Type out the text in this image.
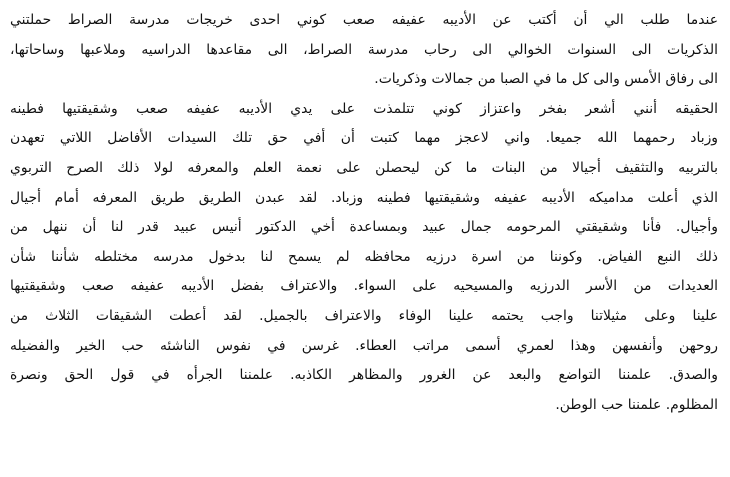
عندما طلب الي أن أكتب عن الأديبه عفيفه صعب كوني احدى خريجات مدرسة الصراط حملتني
الذكريات الى السنوات الخوالي الى رحاب مدرسة الصراط، الى مقاعدها الدراسيه وملاعبها وساحاتها،
الى رفاق الأمس والى كل ما في الصبا من جمالات وذكريات.
الحقيقه أنني أشعر بفخر واعتزاز كوني تتلمذت على يدي الأديبه عفيفه صعب وشقيقتيها فطينه
وزباد رحمهما الله جميعا. واني لاعجز مهما كتبت أن أفي حق تلك السيدات الأفاضل اللاتي تعهدن
بالتربيه والتثقيف أجيالا من البنات ما كن ليحصلن على نعمة العلم والمعرفه لولا ذلك الصرح التربوي
الذي أعلت مداميكه الأديبه عفيفه وشقيقتيها فطينه وزباد. لقد عبدن الطريق طريق المعرفه أمام أجيال
وأجيال. فأنا وشقيقتي المرحومه جمال عبيد وبمساعدة أخي الدكتور أنيس عبيد قدر لنا أن ننهل من
ذلك النبع الفياض. وكوننا من اسرة درزيه محافظه لم يسمح لنا بدخول مدرسه مختلطه شأننا شأن
العديدات من الأسر الدرزيه والمسيحيه على السواء. والاعتراف بفضل الأديبه عفيفه صعب وشقيقتيها
علينا وعلى مثيلاتنا واجب يحتمه علينا الوفاء والاعتراف بالجميل. لقد أعطت الشقيقات الثلاث من
روحهن وأنفسهن وهذا لعمري أسمى مراتب العطاء. غرسن في نفوس الناشئه حب الخير والفضيله
والصدق. علمننا التواضع والبعد عن الغرور والمظاهر الكاذبه. علمننا الجرأه في قول الحق ونصرة
المظلوم. علمننا حب الوطن.
